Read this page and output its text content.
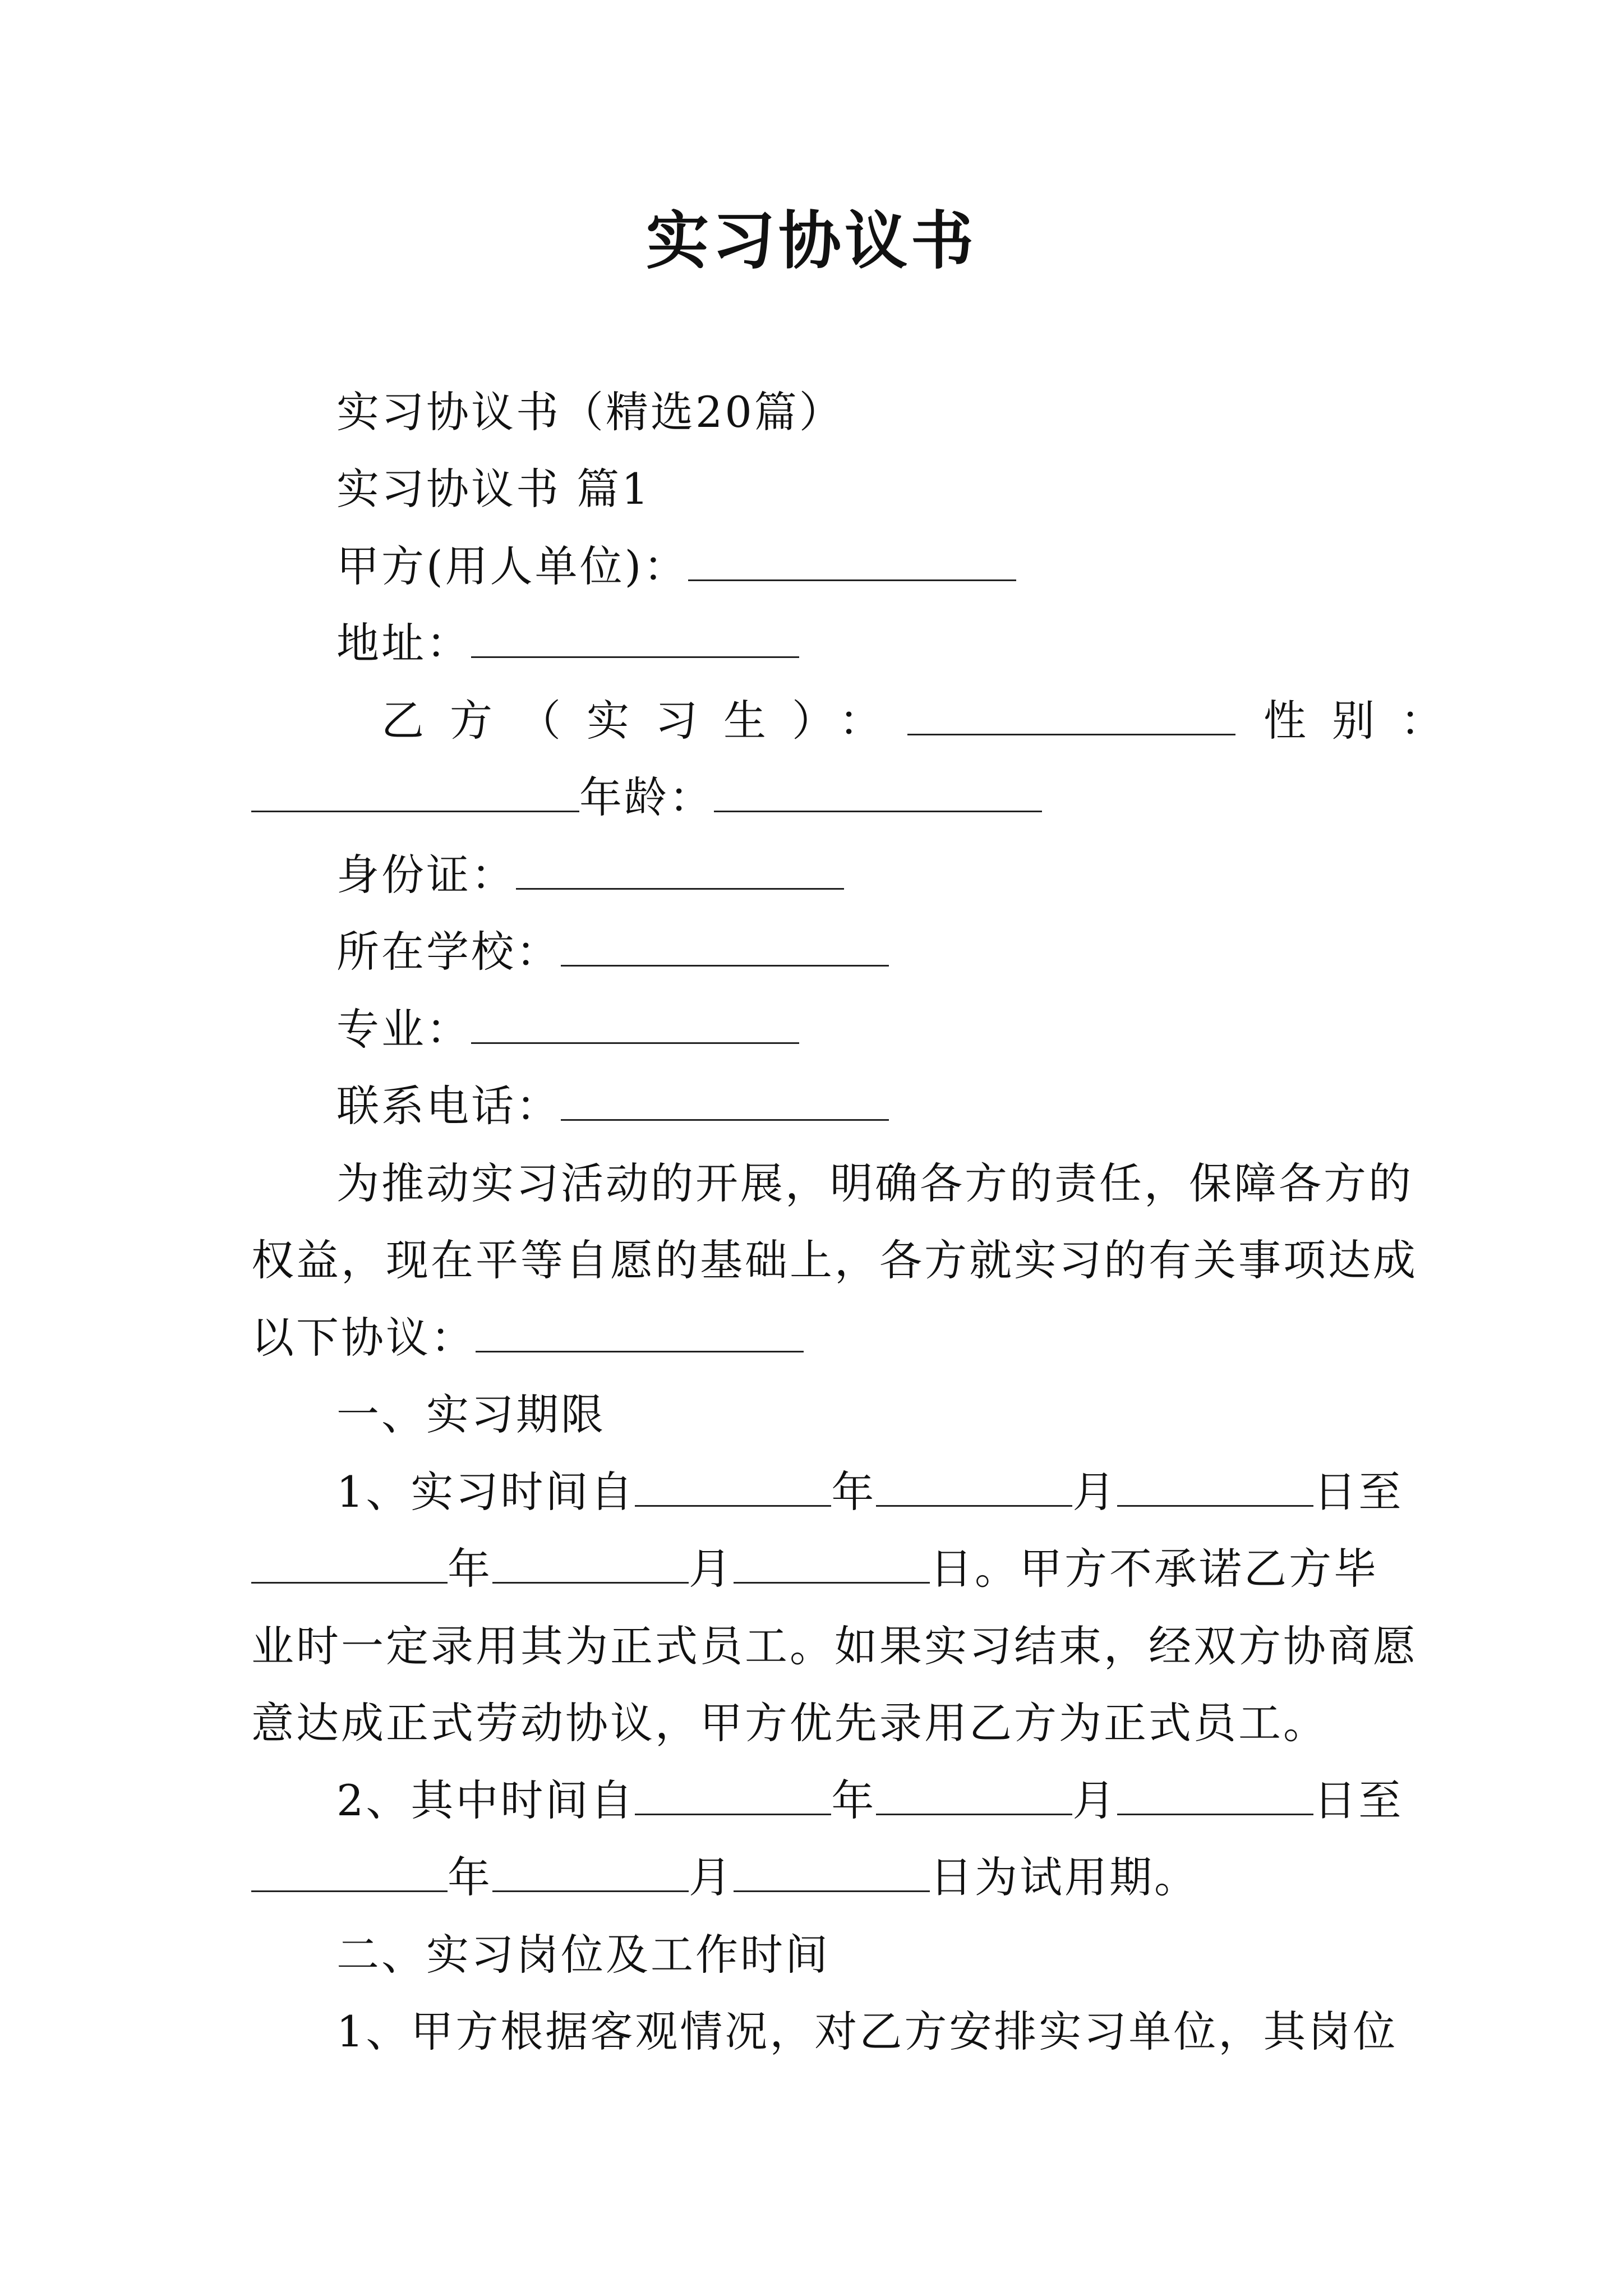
实习协议书
实习协议书（精选20篇）
实习协议书 篇1
甲方(用人单位)：
地址：
乙方（实习生）：	性别：
年龄：
身份证：
所在学校：
专业：
联系电话：
为推动实习活动的开展，明确各方的责任，保障各方的
权益，现在平等自愿的基础上，各方就实习的有关事项达成
以下协议：
一、实习期限
1、实习时间自	年	月	日至
年	月	日。甲方不承诺乙方毕
业时一定录用其为正式员工。如果实习结束，经双方协商愿
意达成正式劳动协议，甲方优先录用乙方为正式员工。
2、其中时间自	年	月	日至
年	月	日为试用期。
二、实习岗位及工作时间
1、甲方根据客观情况，对乙方安排实习单位，其岗位
